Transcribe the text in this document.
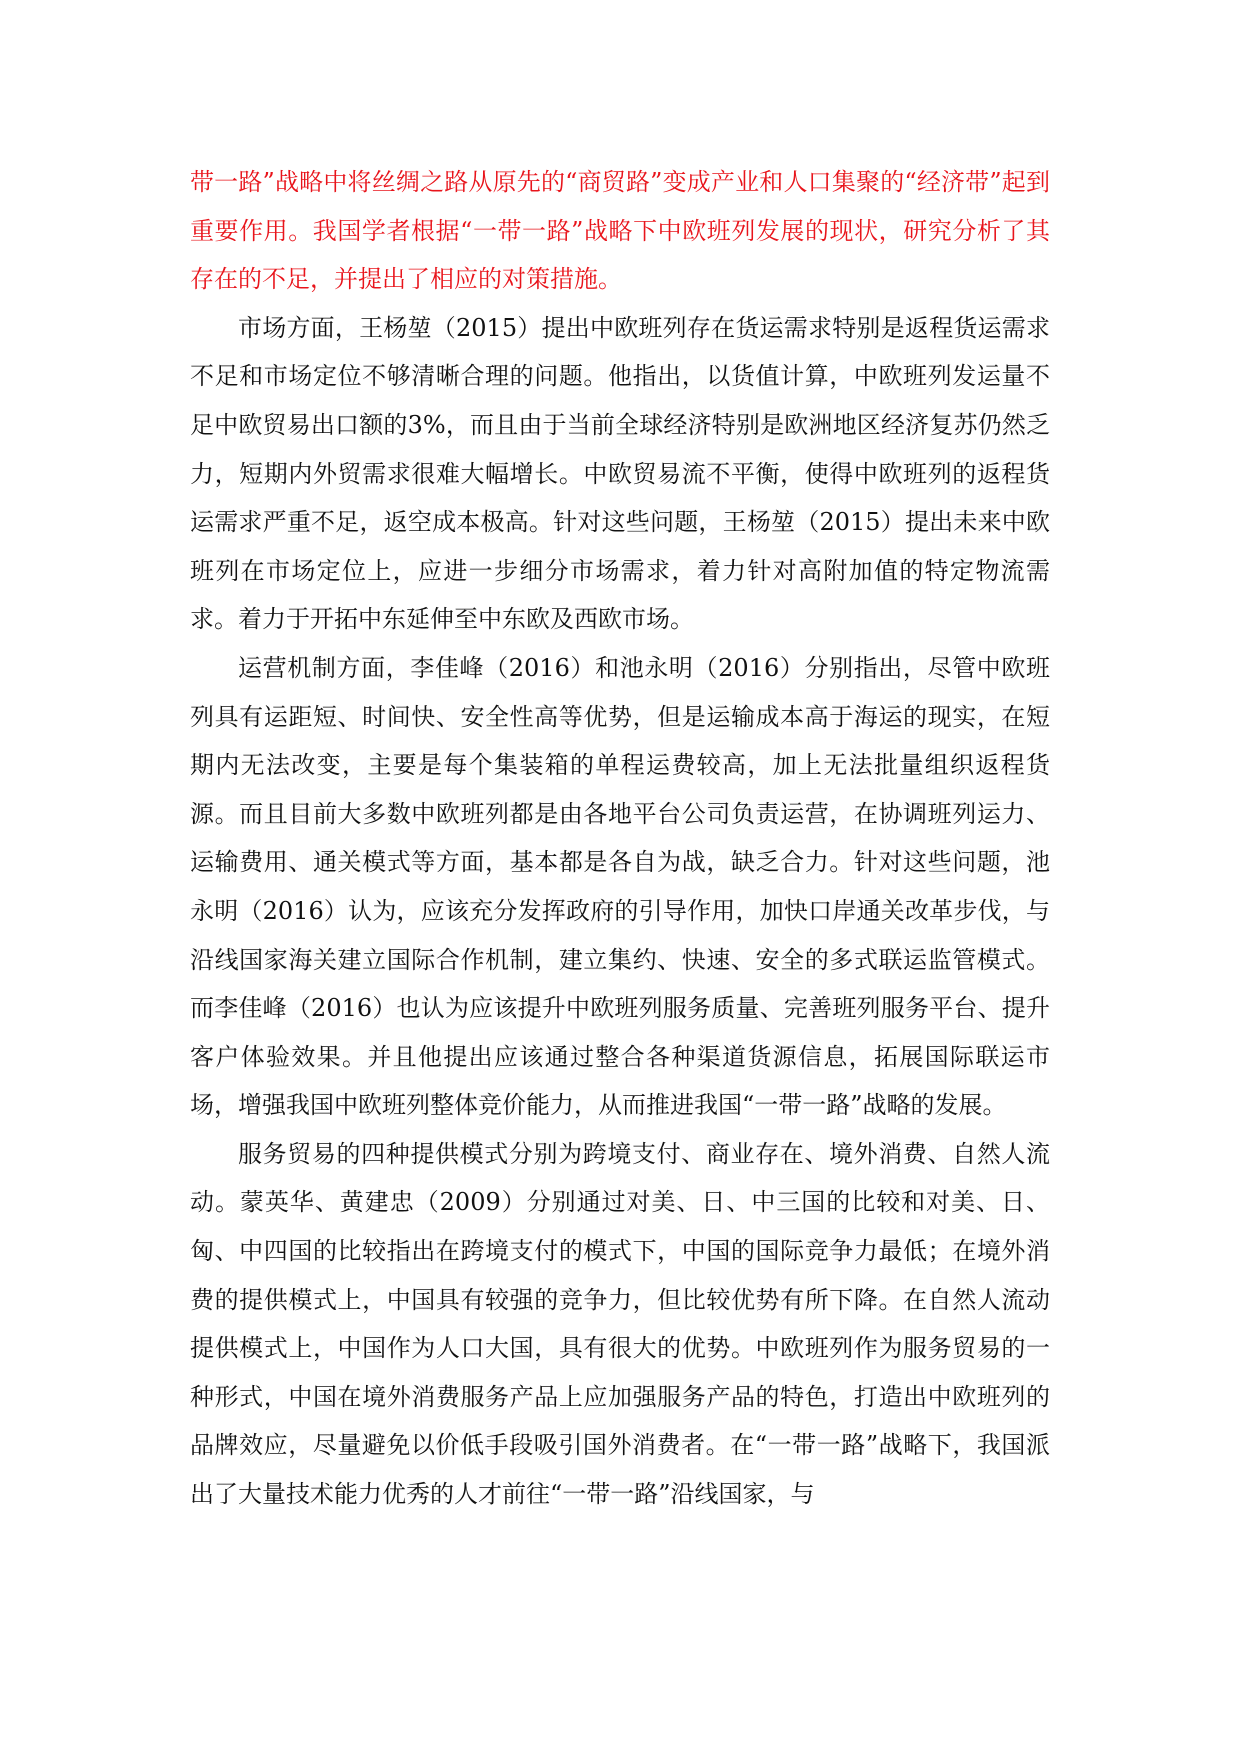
带一路”战略中将丝绸之路从原先的“商贸路”变成产业和人口集聚的“经济带”起到重要作用。我国学者根据“一带一路”战略下中欧班列发展的现状，研究分析了其存在的不足，并提出了相应的对策措施。

市场方面，王杨堃（2015）提出中欧班列存在货运需求特别是返程货运需求不足和市场定位不够清晰合理的问题。他指出，以货值计算，中欧班列发运量不足中欧贸易出口额的3%，而且由于当前全球经济特别是欧洲地区经济复苏仍然乏力，短期内外贸需求很难大幅增长。中欧贸易流不平衡，使得中欧班列的返程货运需求严重不足，返空成本极高。针对这些问题，王杨堃（2015）提出未来中欧班列在市场定位上，应进一步细分市场需求，着力针对高附加值的特定物流需求。着力于开拓中东延伸至中东欧及西欧市场。

运营机制方面，李佳峰（2016）和池永明（2016）分别指出，尽管中欧班列具有运距短、时间快、安全性高等优势，但是运输成本高于海运的现实，在短期内无法改变，主要是每个集装箱的单程运费较高，加上无法批量组织返程货源。而且目前大多数中欧班列都是由各地平台公司负责运营，在协调班列运力、运输费用、通关模式等方面，基本都是各自为战，缺乏合力。针对这些问题，池永明（2016）认为，应该充分发挥政府的引导作用，加快口岸通关改革步伐，与沿线国家海关建立国际合作机制，建立集约、快速、安全的多式联运监管模式。而李佳峰（2016）也认为应该提升中欧班列服务质量、完善班列服务平台、提升客户体验效果。并且他提出应该通过整合各种渠道货源信息，拓展国际联运市场，增强我国中欧班列整体竞价能力，从而推进我国“一带一路”战略的发展。

服务贸易的四种提供模式分别为跨境支付、商业存在、境外消费、自然人流动。蒙英华、黄建忠（2009）分别通过对美、日、中三国的比较和对美、日、匈、中四国的比较指出在跨境支付的模式下，中国的国际竞争力最低；在境外消费的提供模式上，中国具有较强的竞争力，但比较优势有所下降。在自然人流动提供模式上，中国作为人口大国，具有很大的优势。中欧班列作为服务贸易的一种形式，中国在境外消费服务产品上应加强服务产品的特色，打造出中欧班列的品牌效应，尽量避免以价低手段吸引国外消费者。在“一带一路”战略下，我国派出了大量技术能力优秀的人才前往“一带一路”沿线国家，与
